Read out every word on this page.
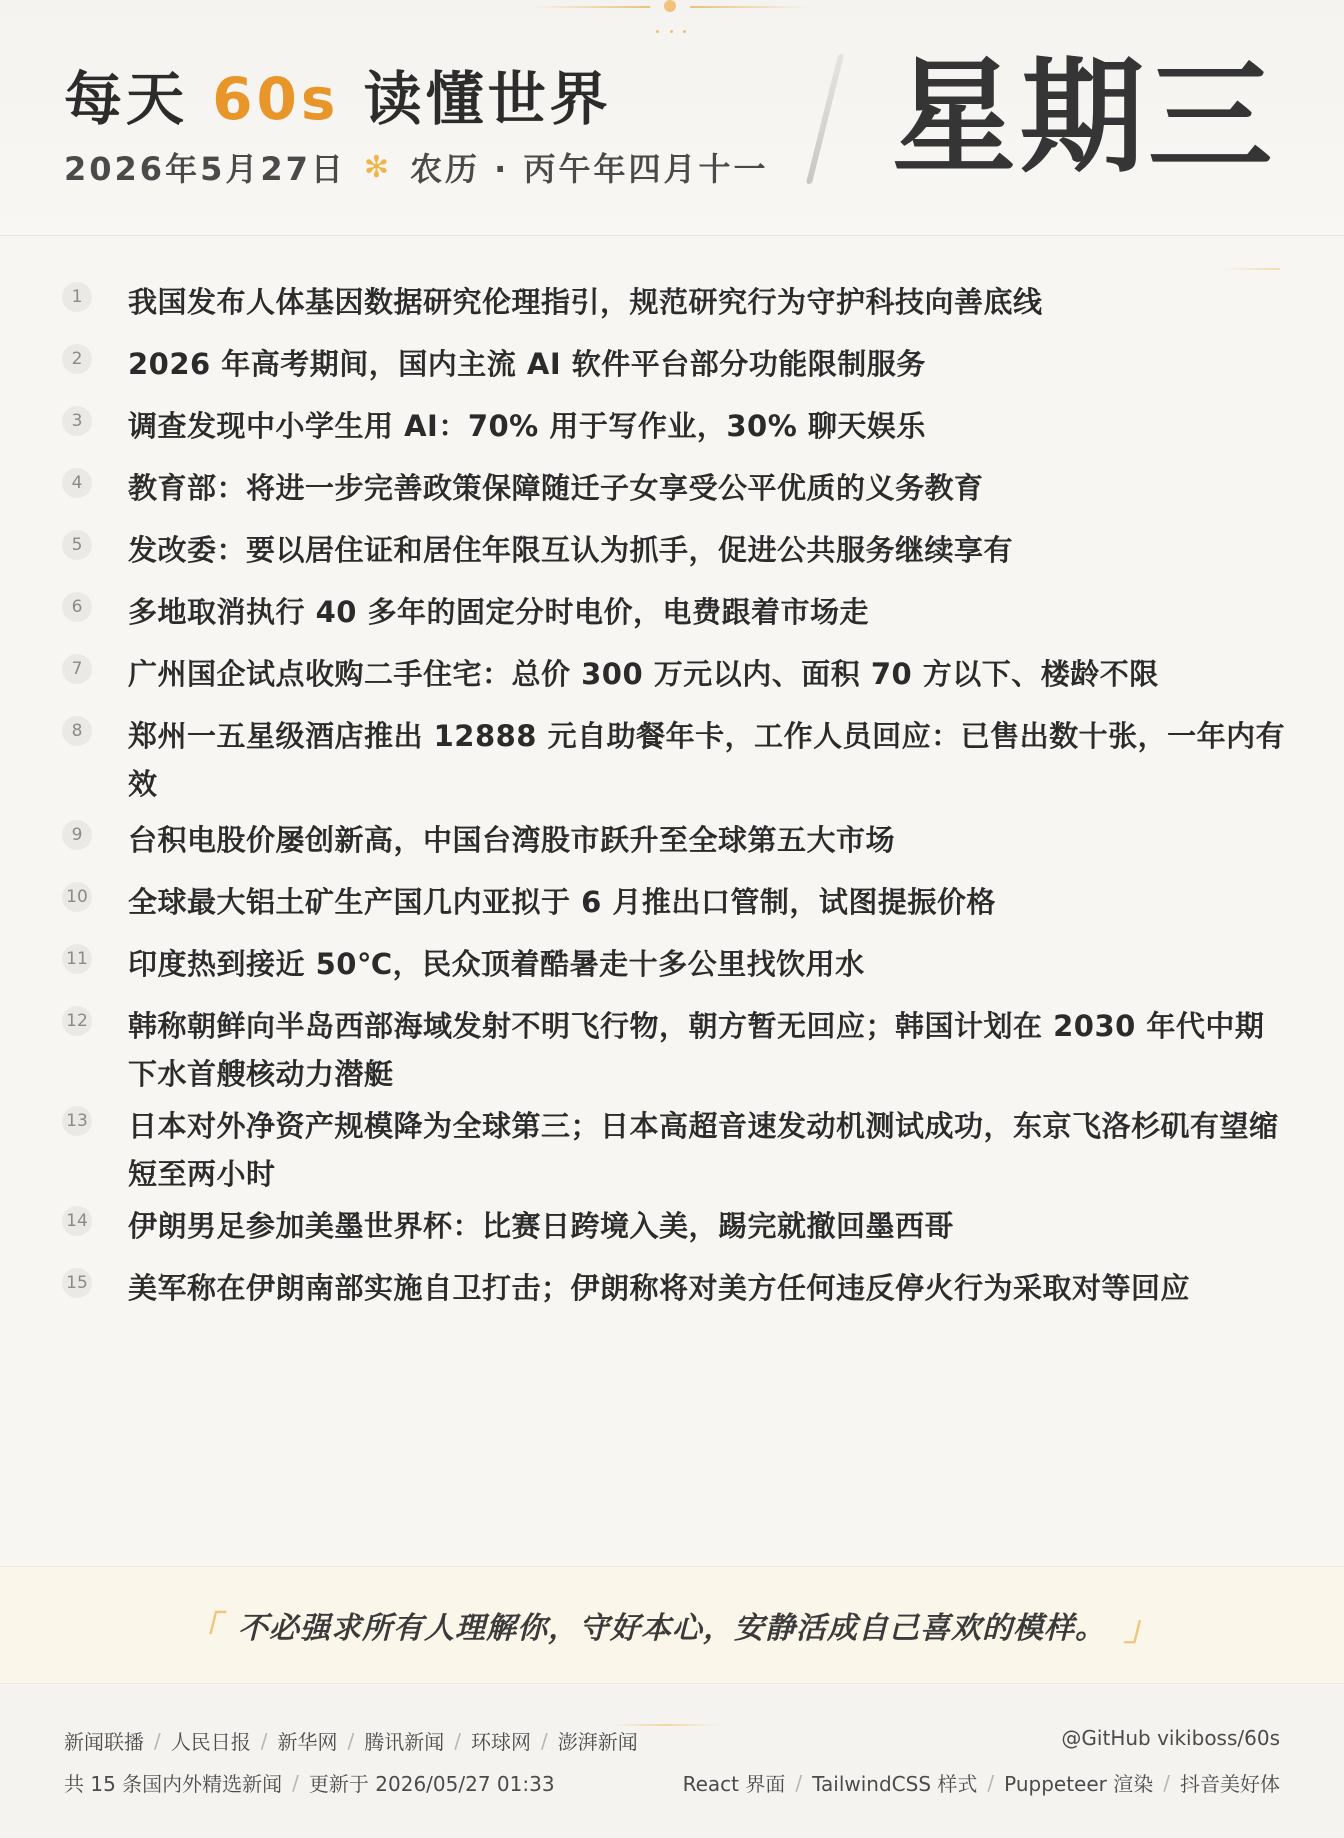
每天 60s 读懂世界
2026年5月27日 ✻ 农历 · 丙午年四月十一 星期三
1	我国发布人体基因数据研究伦理指引，规范研究行为守护科技向善底线
2	2026 年高考期间，国内主流 AI 软件平台部分功能限制服务
3	调查发现中小学生用 AI：70% 用于写作业，30% 聊天娱乐
4	教育部：将进一步完善政策保障随迁子女享受公平优质的义务教育
5	发改委：要以居住证和居住年限互认为抓手，促进公共服务继续享有
6	多地取消执行 40 多年的固定分时电价，电费跟着市场走
7	广州国企试点收购二手住宅：总价 300 万元以内、面积 70 方以下、楼龄不限
8	郑州一五星级酒店推出 12888 元自助餐年卡，工作人员回应：已售出数十张，一年内有效
9	台积电股价屡创新高，中国台湾股市跃升至全球第五大市场
10 全球最大铝土矿生产国几内亚拟于 6 月推出口管制，试图提振价格
11 印度热到接近 50℃，民众顶着酷暑走十多公里找饮用水
12 韩称朝鲜向半岛西部海域发射不明飞行物，朝方暂无回应；韩国计划在 2030 年代中期下水首艘核动力潜艇
13 日本对外净资产规模降为全球第三；日本高超音速发动机测试成功，东京飞洛杉矶有望缩短至两小时
14 伊朗男足参加美墨世界杯：比赛日跨境入美，踢完就撤回墨西哥
15 美军称在伊朗南部实施自卫打击；伊朗称将对美方任何违反停火行为采取对等回应
「 不必强求所有人理解你，守好本心，安静活成自己喜欢的模样。 」
新闻联播 / 人民日报 / 新华网 / 腾讯新闻 / 环球网 / 澎湃新闻	@GitHub vikiboss/60s
共 15 条国内外精选新闻 / 更新于 2026/05/27 01:33	React 界面 / TailwindCSS 样式 / Puppeteer 渲染 / 抖音美好体
